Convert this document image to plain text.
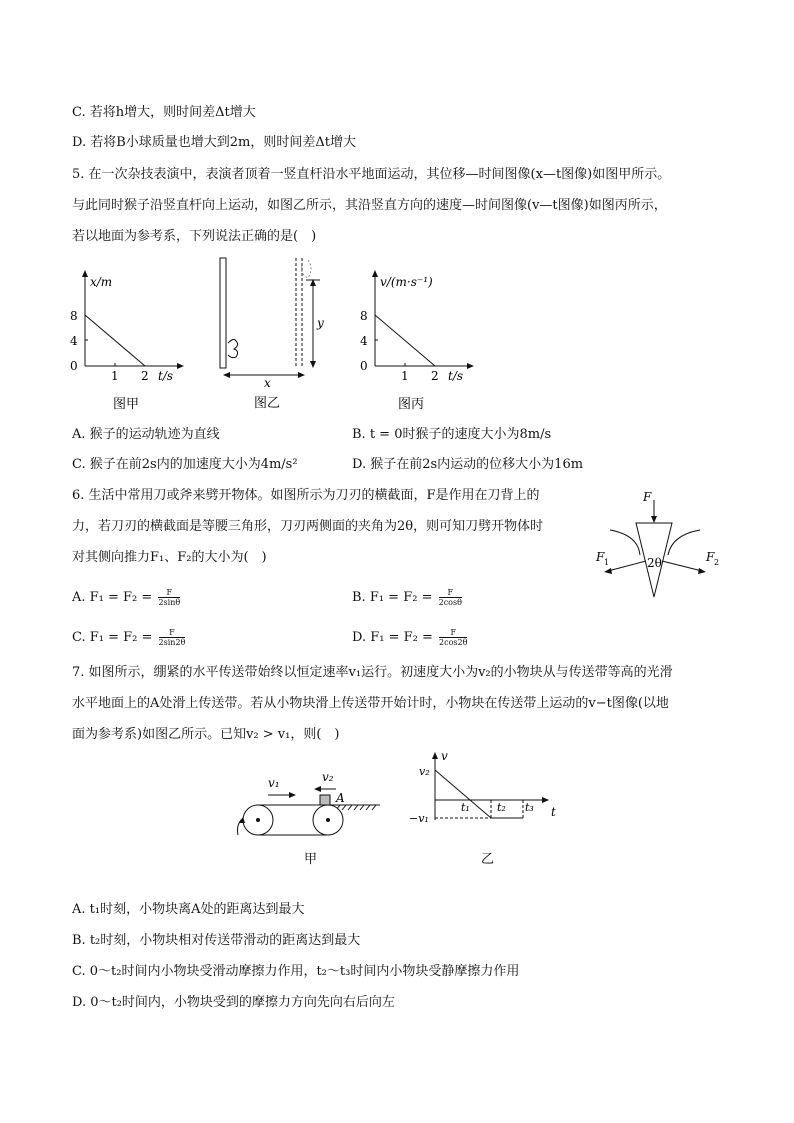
C. 若将h增大，则时间差Δt增大
D. 若将B小球质量也增大到2m，则时间差Δt增大
5. 在一次杂技表演中，表演者顶着一竖直杆沿水平地面运动，其位移—时间图像(x—t图像)如图甲所示。
与此同时猴子沿竖直杆向上运动，如图乙所示，其沿竖直方向的速度—时间图像(v—t图像)如图丙所示，
若以地面为参考系，下列说法正确的是(　)
x/m
8
4
0
1 2 t/s
图甲
y
x
图乙
v/(m·s⁻¹)
8
4
0
1 2 t/s
图丙
A. 猴子的运动轨迹为直线	B. t = 0时猴子的速度大小为8m/s
C. 猴子在前2s内的加速度大小为4m/s²	D. 猴子在前2s内运动的位移大小为16m
6. 生活中常用刀或斧来劈开物体。如图所示为刀刃的横截面，F是作用在刀背上的
力，若刀刃的横截面是等腰三角形，刀刃两侧面的夹角为2θ，则可知刀劈开物体时
对其侧向推力F₁、F₂的大小为(　)
F
F 1	F 2
2θ
A. $F_1 = F_2 = \frac{F}{2\sin\theta}$	B. $F_1 = F_2 = \frac{F}{2\cos\theta}$
C. $F_1 = F_2 = \frac{F}{2\sin 2\theta}$	D. $F_1 = F_2 = \frac{F}{2\cos 2\theta}$
7. 如图所示，绷紧的水平传送带始终以恒定速率v₁运行。初速度大小为v₂的小物块从与传送带等高的光滑
水平地面上的A处滑上传送带。若从小物块滑上传送带开始计时，小物块在传送带上运动的v−t图像(以地
面为参考系)如图乙所示。已知v₂ > v₁，则(　)
v₁	v₂
A
甲
v
t
v₂
−v₁
t₁ t₂ t₃
乙
A. t₁时刻，小物块离A处的距离达到最大
B. t₂时刻，小物块相对传送带滑动的距离达到最大
C. 0～t₂时间内小物块受滑动摩擦力作用，t₂～t₃时间内小物块受静摩擦力作用
D. 0～t₂时间内，小物块受到的摩擦力方向先向右后向左
